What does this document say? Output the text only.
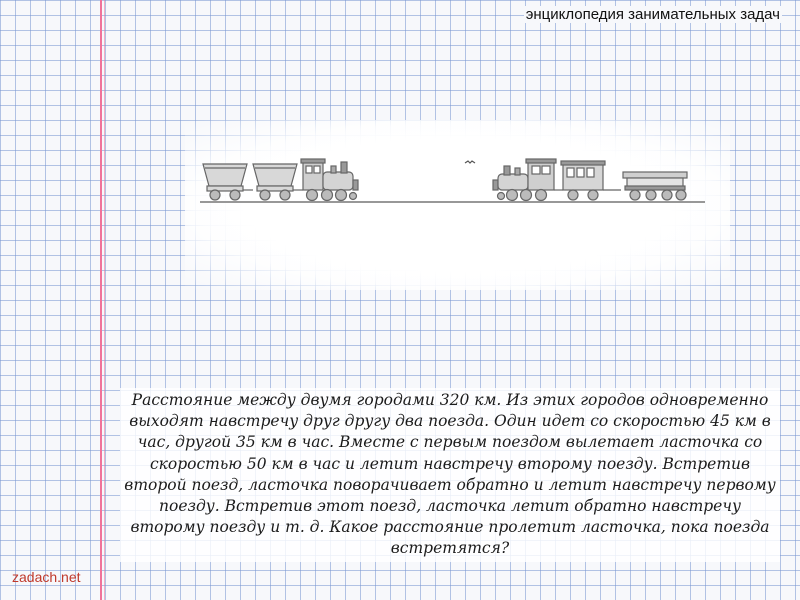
энциклопедия занимательных задач
Расстояние между двумя городами 320 км. Из этих городов одновременно выходят навстречу друг другу два поезда. Один идет со скоростью 45 км в час, другой 35 км в час. Вместе с первым поездом вылетает ласточка со скоростью 50 км в час и летит навстречу второму поезду. Встретив второй поезд, ласточка поворачивает обратно и летит навстречу первому поезду. Встретив этот поезд, ласточка летит обратно навстречу второму поезду и т. д. Какое расстояние пролетит ласточка, пока поезда встретятся?
zadach.net
